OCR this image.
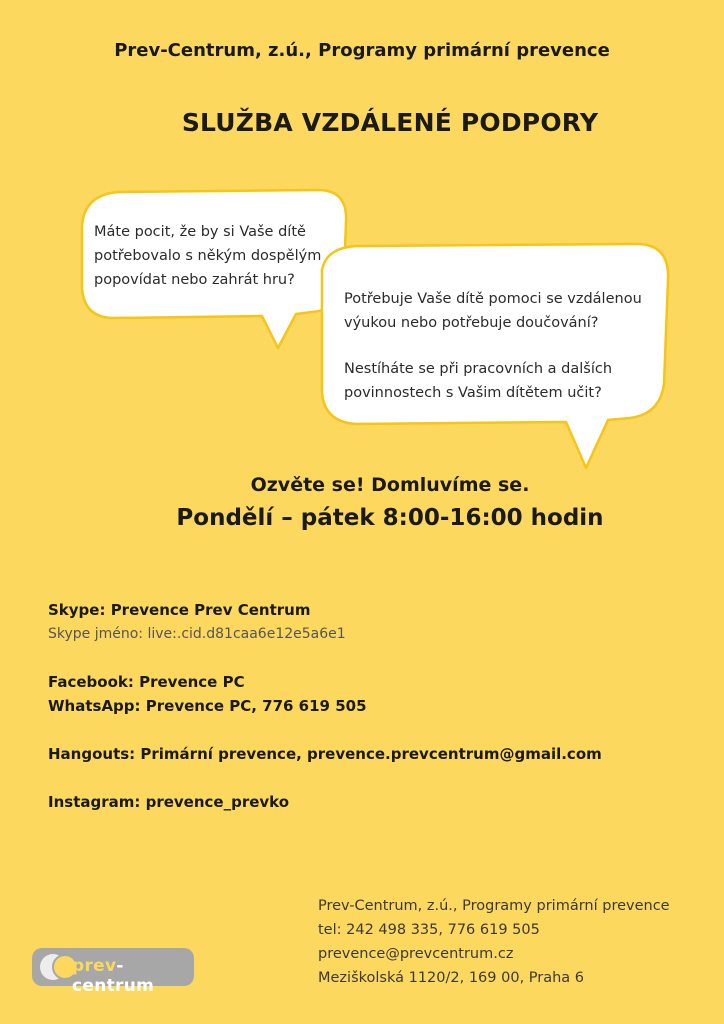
Prev-Centrum, z.ú., Programy primární prevence
SLUŽBA VZDÁLENÉ PODPORY
Máte pocit, že by si Vaše dítě potřebovalo s někým dospělým popovídat nebo zahrát hru?

Potřebuje Vaše dítě pomoci se vzdálenou výukou nebo potřebuje doučování?

Nestíháte se při pracovních a dalších povinnostech s Vašim dítětem učit?

Ozvěte se! Domluvíme se.
Pondělí – pátek 8:00-16:00 hodin
Skype: Prevence Prev Centrum
Skype jméno: live:.cid.d81caa6e12e5a6e1
Facebook: Prevence PC
WhatsApp: Prevence PC, 776 619 505
Hangouts: Primární prevence, prevence.prevcentrum@gmail.com
Instagram: prevence_prevko
prev-centrum
Prev-Centrum, z.ú., Programy primární prevence
tel: 242 498 335, 776 619 505
prevence@prevcentrum.cz
Meziškolská 1120/2, 169 00, Praha 6
